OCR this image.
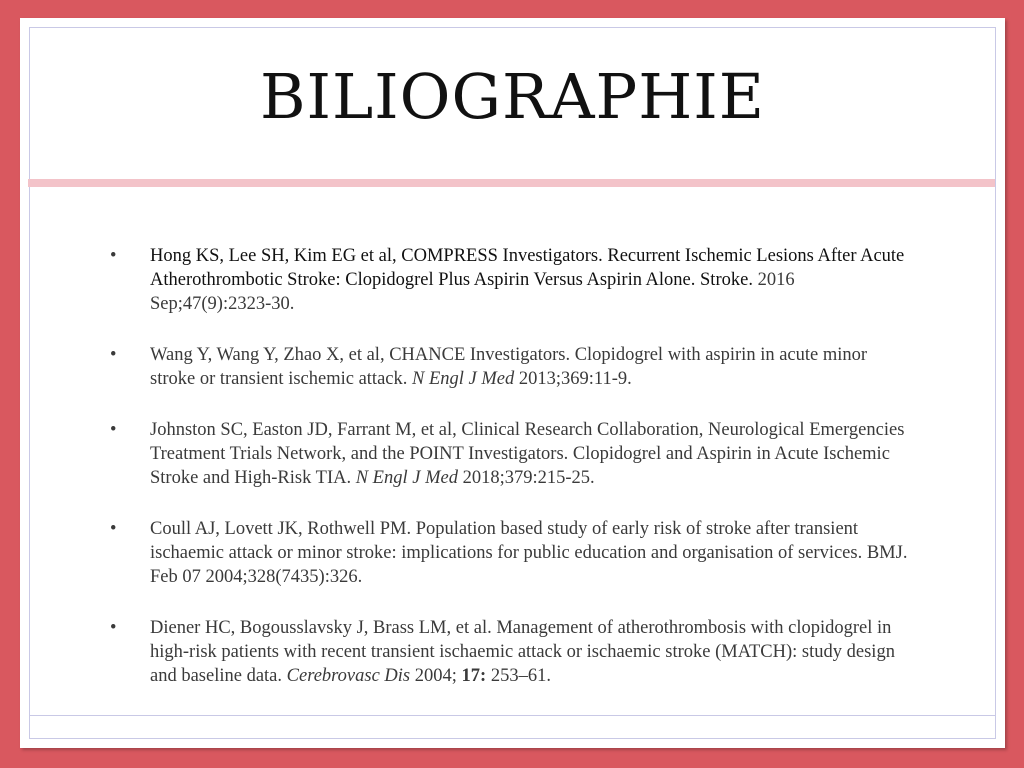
BILIOGRAPHIE
•	Hong KS, Lee SH, Kim EG et al, COMPRESS Investigators. Recurrent Ischemic Lesions After Acute Atherothrombotic Stroke: Clopidogrel Plus Aspirin Versus Aspirin Alone. Stroke. 2016 Sep;47(9):2323-30.
•	Wang Y, Wang Y, Zhao X, et al, CHANCE Investigators. Clopidogrel with aspirin in acute minor stroke or transient ischemic attack. N Engl J Med 2013;369:11-9.
•	Johnston SC, Easton JD, Farrant M, et al, Clinical Research Collaboration, Neurological Emergencies Treatment Trials Network, and the POINT Investigators. Clopidogrel and Aspirin in Acute Ischemic Stroke and High-Risk TIA. N Engl J Med 2018;379:215-25.
•	Coull AJ, Lovett JK, Rothwell PM. Population based study of early risk of stroke after transient ischaemic attack or minor stroke: implications for public education and organisation of services. BMJ. Feb 07 2004;328(7435):326.
•	Diener HC, Bogousslavsky J, Brass LM, et al. Management of atherothrombosis with clopidogrel in high-risk patients with recent transient ischaemic attack or ischaemic stroke (MATCH): study design and baseline data. Cerebrovasc Dis 2004; 17: 253–61.
